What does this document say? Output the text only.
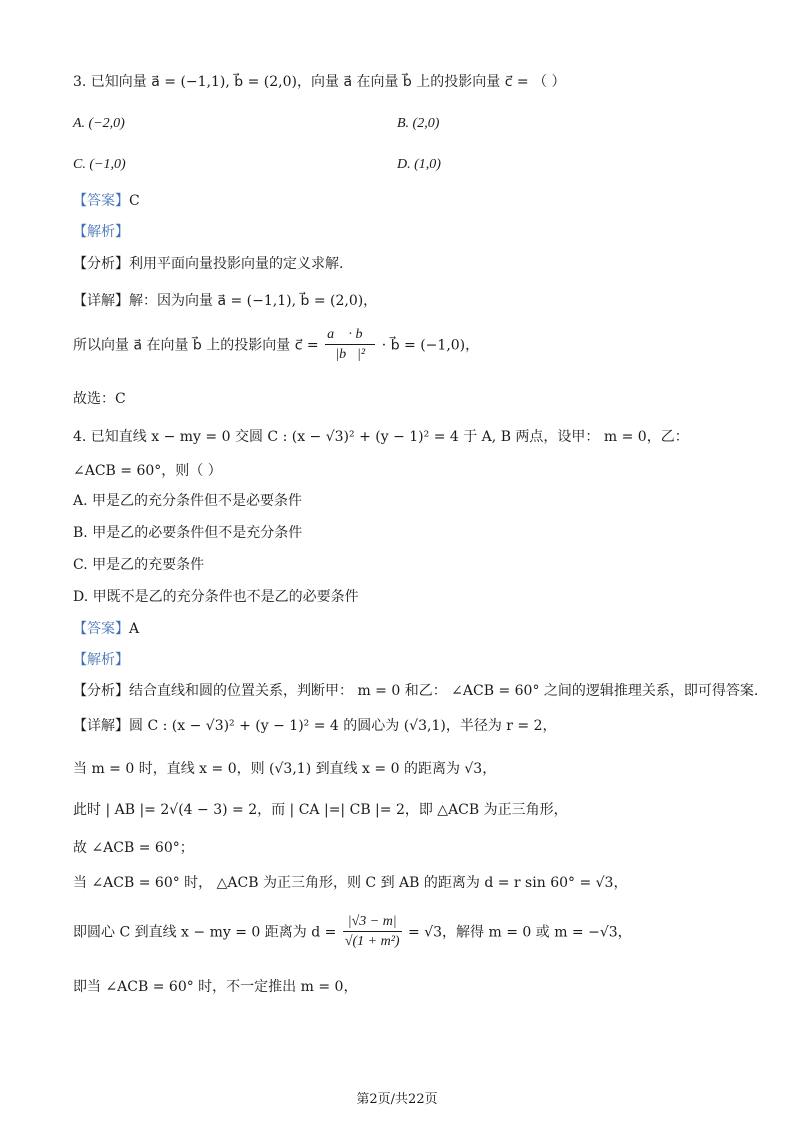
3. 已知向量 a⃗ = (−1,1), b⃗ = (2,0)，向量 a⃗ 在向量 b⃗ 上的投影向量 c⃗ = （ ）
A. (−2,0)	B. (2,0)
C. (−1,0)	D. (1,0)
【答案】C
【解析】
【分析】利用平面向量投影向量的定义求解.
【详解】解：因为向量 a⃗ = (−1,1), b⃗ = (2,0)，
所以向量 a⃗ 在向量 b⃗ 上的投影向量 c⃗ = $\frac{a⃗ \cdot b⃗}{\text{|b⃗|²}}$ · b⃗ = (−1,0)，
故选：C
4. 已知直线 x − my = 0 交圆 C : (x − √3)² + (y − 1)² = 4 于 A, B 两点，设甲： m = 0，乙：
∠ACB = 60°，则（ ）
A. 甲是乙的充分条件但不是必要条件
B. 甲是乙的必要条件但不是充分条件
C. 甲是乙的充要条件
D. 甲既不是乙的充分条件也不是乙的必要条件
【答案】A
【解析】
【分析】结合直线和圆的位置关系，判断甲： m = 0 和乙： ∠ACB = 60° 之间的逻辑推理关系，即可得答案.
【详解】圆 C : (x − √3)² + (y − 1)² = 4 的圆心为 (√3,1)，半径为 r = 2，
当 m = 0 时，直线 x = 0，则 (√3,1) 到直线 x = 0 的距离为 √3，
此时 | AB |= 2√(4 − 3) = 2，而 | CA |=| CB |= 2，即 △ACB 为正三角形，
故 ∠ACB = 60°；
当 ∠ACB = 60° 时， △ACB 为正三角形，则 C 到 AB 的距离为 d = r sin 60° = √3，
即圆心 C 到直线 x − my = 0 距离为 $d = \frac{|√3 - m|}{\text{√(1 + m²)}} = √3$，解得 m = 0 或 m = −√3，
即当 ∠ACB = 60° 时，不一定推出 m = 0，
第2页/共22页
